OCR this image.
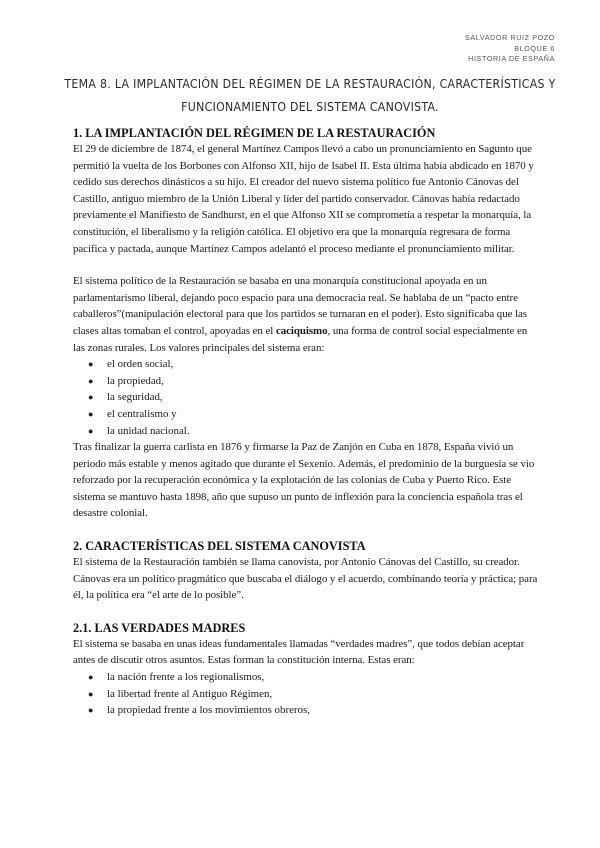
SALVADOR RUIZ POZO
BLOQUE 6
HISTORIA DE ESPAÑA
TEMA 8. LA IMPLANTACIÓN DEL RÉGIMEN DE LA RESTAURACIÓN, CARACTERÍSTICAS Y
FUNCIONAMIENTO DEL SISTEMA CANOVISTA.
1. LA IMPLANTACIÓN DEL RÉGIMEN DE LA RESTAURACIÓN

El 29 de diciembre de 1874, el general Martínez Campos llevó a cabo un pronunciamiento en Sagunto que permitió la vuelta de los Borbones con Alfonso XII, hijo de Isabel II. Esta última había abdicado en 1870 y cedido sus derechos dinásticos a su hijo. El creador del nuevo sistema político fue Antonio Cánovas del Castillo, antiguo miembro de la Unión Liberal y líder del partido conservador. Cánovas había redactado previamente el Manifiesto de Sandhurst, en el que Alfonso XII se comprometía a respetar la monarquía, la constitución, el liberalismo y la religión católica. El objetivo era que la monarquía regresara de forma pacífica y pactada, aunque Martínez Campos adelantó el proceso mediante el pronunciamiento militar.

El sistema político de la Restauración se basaba en una monarquía constitucional apoyada en un parlamentarismo liberal, dejando poco espacio para una democracia real. Se hablaba de un “pacto entre caballeros”(manipulación electoral para que los partidos se turnaran en el poder). Esto significaba que las clases altas tomaban el control, apoyadas en el caciquismo, una forma de control social especialmente en las zonas rurales. Los valores principales del sistema eran:

● el orden social,
● la propiedad,
● la seguridad,
● el centralismo y
● la unidad nacional.

Tras finalizar la guerra carlista en 1876 y firmarse la Paz de Zanjón en Cuba en 1878, España vivió un periodo más estable y menos agitado que durante el Sexenio. Además, el predominio de la burguesía se vio reforzado por la recuperación económica y la explotación de las colonias de Cuba y Puerto Rico. Este sistema se mantuvo hasta 1898, año que supuso un punto de inflexión para la conciencia española tras el desastre colonial.

2. CARACTERÍSTICAS DEL SISTEMA CANOVISTA

El sistema de la Restauración también se llama canovista, por Antonio Cánovas del Castillo, su creador. Cánovas era un político pragmático que buscaba el diálogo y el acuerdo, combinando teoría y práctica; para él, la política era “el arte de lo posible”.

2.1. LAS VERDADES MADRES

El sistema se basaba en unas ideas fundamentales llamadas “verdades madres”, que todos debían aceptar antes de discutir otros asuntos. Estas forman la constitución interna. Estas eran:

● la nación frente a los regionalismos,
● la libertad frente al Antiguo Régimen,
● la propiedad frente a los movimientos obreros,
